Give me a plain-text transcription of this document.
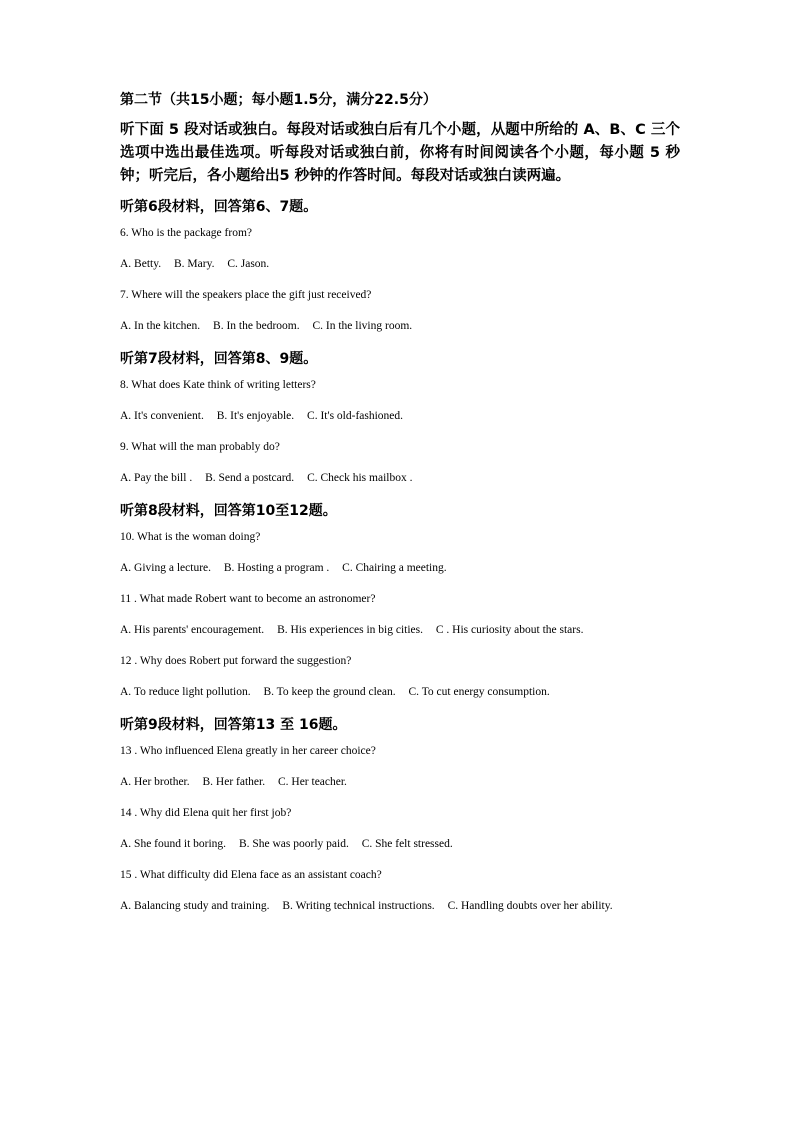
第二节（共15小题；每小题1.5分，满分22.5分）
听下面 5 段对话或独白。每段对话或独白后有几个小题，从题中所给的 A、B、C 三个选项中选出最佳选项。听每段对话或独白前，你将有时间阅读各个小题，每小题 5 秒钟；听完后，各小题给出5 秒钟的作答时间。每段对话或独白读两遍。
听第6段材料，回答第6、7题。
6. Who is the package from?
A. Betty. B. Mary. C. Jason.
7. Where will the speakers place the gift just received?
A. In the kitchen. B. In the bedroom. C. In the living room.
听第7段材料，回答第8、9题。
8. What does Kate think of writing letters?
A. It's convenient. B. It's enjoyable. C. It's old-fashioned.
9. What will the man probably do?
A. Pay the bill . B. Send a postcard. C. Check his mailbox .
听第8段材料，回答第10至12题。
10. What is the woman doing?
A. Giving a lecture. B. Hosting a program . C. Chairing a meeting.
11 . What made Robert want to become an astronomer?
A. His parents' encouragement. B. His experiences in big cities. C . His curiosity about the stars.
12 . Why does Robert put forward the suggestion?
A. To reduce light pollution. B. To keep the ground clean. C. To cut energy consumption.
听第9段材料，回答第13 至 16题。
13 . Who influenced Elena greatly in her career choice?
A. Her brother. B. Her father. C. Her teacher.
14 . Why did Elena quit her first job?
A. She found it boring. B. She was poorly paid. C. She felt stressed.
15 . What difficulty did Elena face as an assistant coach?
A. Balancing study and training. B. Writing technical instructions. C. Handling doubts over her ability.
